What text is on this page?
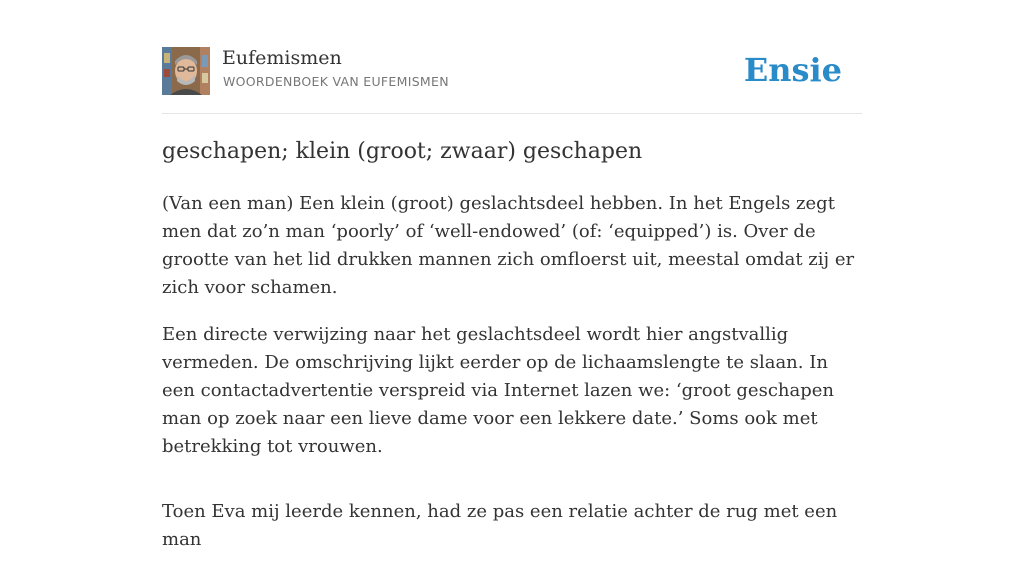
Eufemismen
WOORDENBOEK VAN EUFEMISMEN	Ensie
geschapen; klein (groot; zwaar) geschapen

(Van een man) Een klein (groot) geslachtsdeel hebben. In het Engels zegt men dat zo’n man ‘poorly’ of ‘well-endowed’ (of: ‘equipped’) is. Over de grootte van het lid drukken mannen zich omfloerst uit, meestal omdat zij er zich voor schamen.

Een directe verwijzing naar het geslachtsdeel wordt hier angstvallig vermeden. De omschrijving lijkt eerder op de lichaamslengte te slaan. In een contactadvertentie verspreid via Internet lazen we: ‘groot geschapen man op zoek naar een lieve dame voor een lekkere date.’ Soms ook met betrekking tot vrouwen.

Toen Eva mij leerde kennen, had ze pas een relatie achter de rug met een man
